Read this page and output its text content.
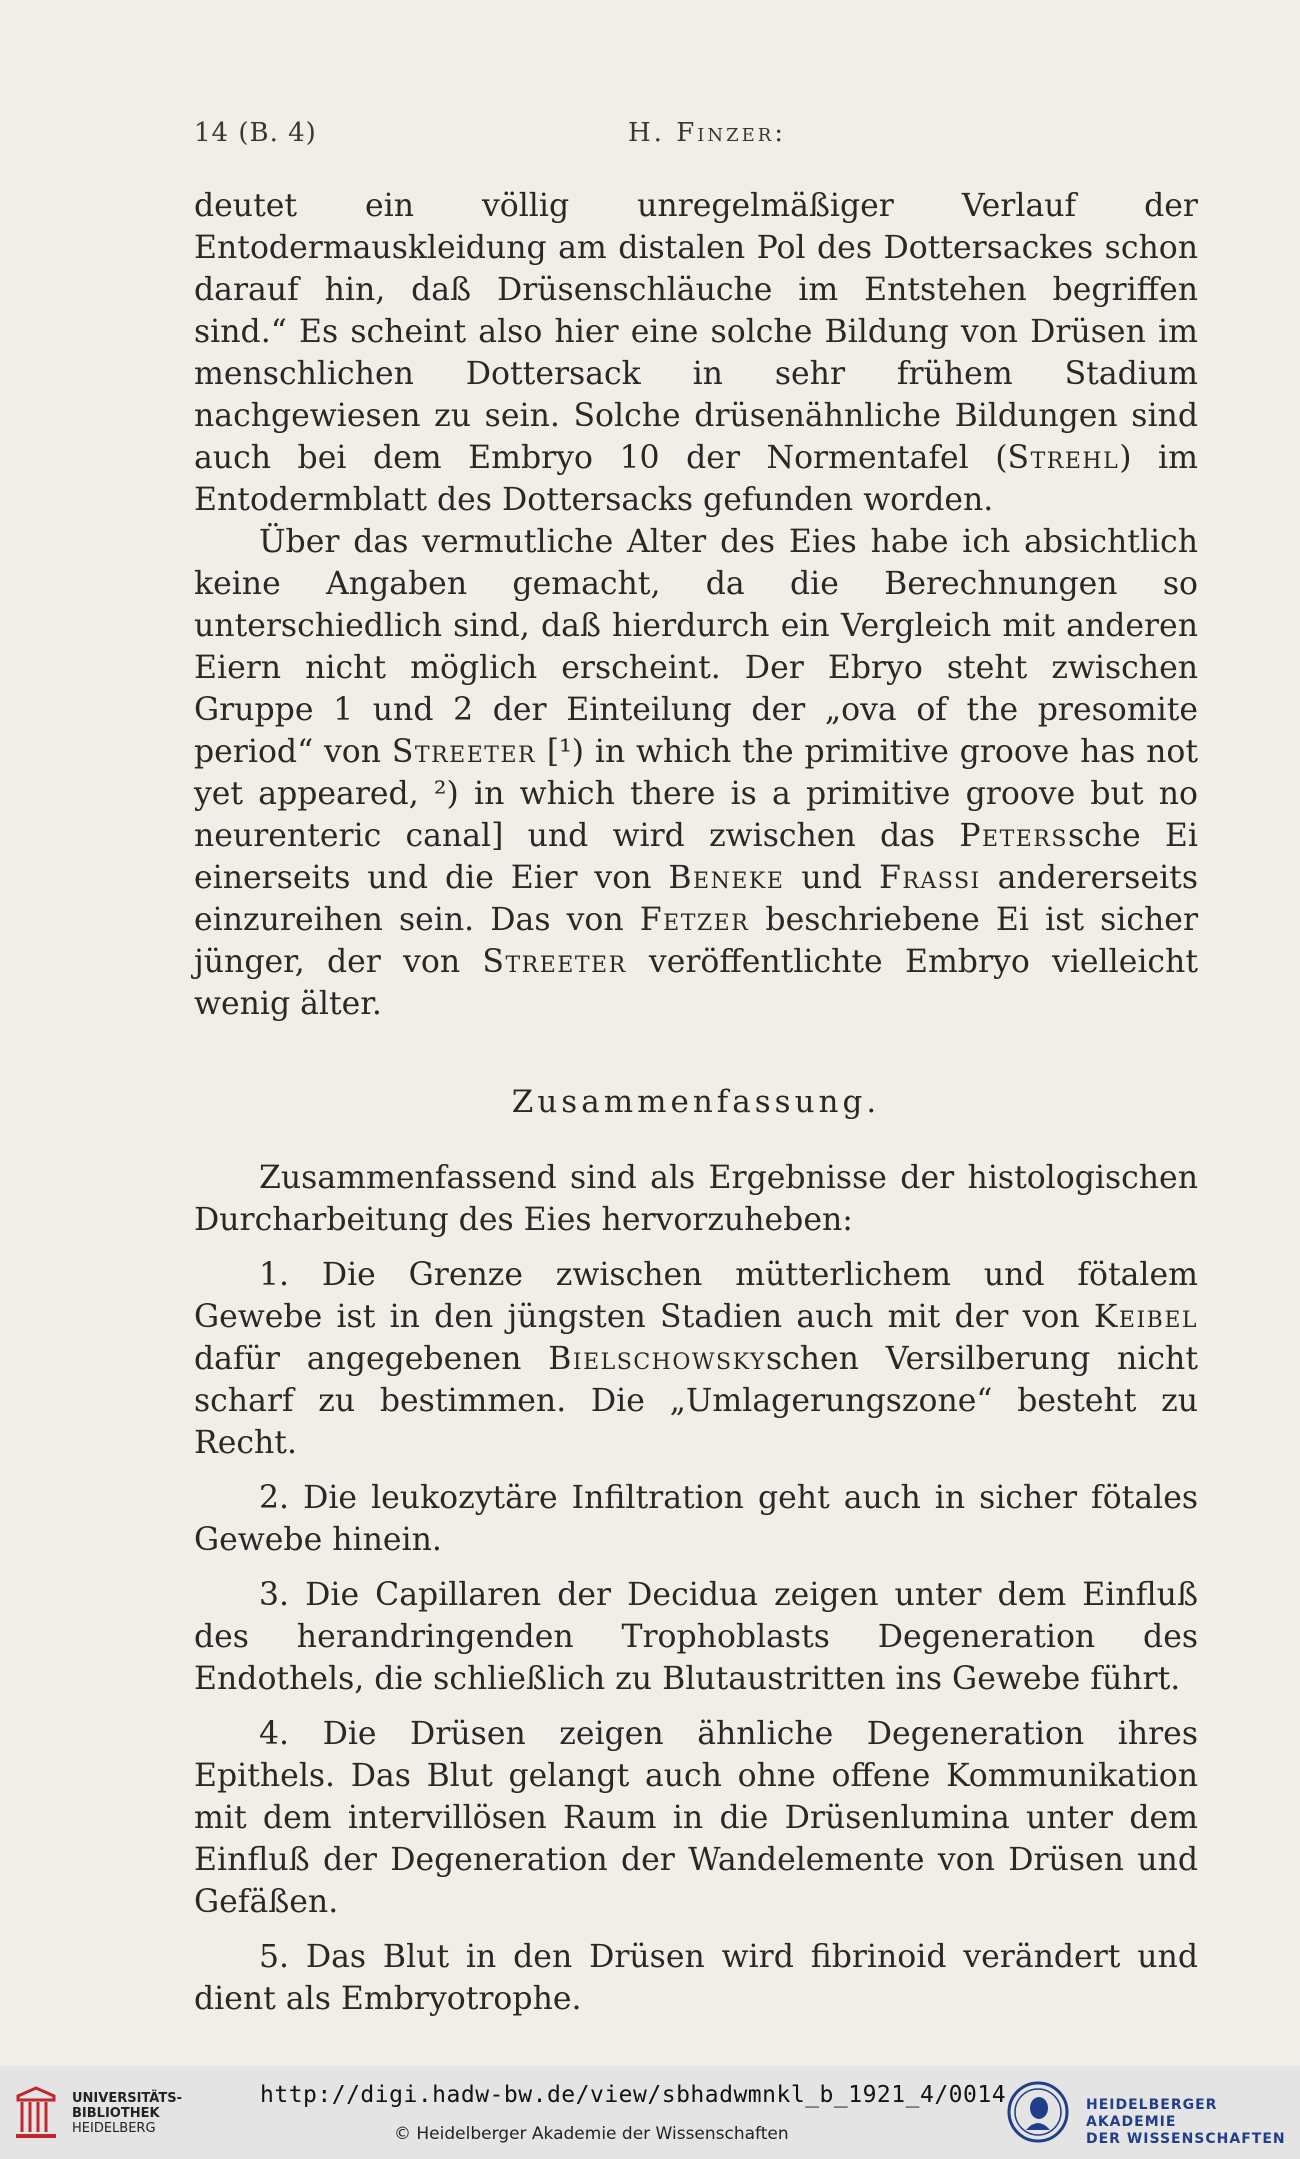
14 (B. 4)	H. Finzer:

deutet ein völlig unregelmäßiger Verlauf der Entodermauskleidung am distalen Pol des Dottersackes schon darauf hin, daß Drüsenschläuche im Entstehen begriffen sind.“ Es scheint also hier eine solche Bildung von Drüsen im menschlichen Dottersack in sehr frühem Stadium nachgewiesen zu sein. Solche drüsenähnliche Bildungen sind auch bei dem Embryo 10 der Normentafel (Strehl) im Entodermblatt des Dottersacks gefunden worden.

Über das vermutliche Alter des Eies habe ich absichtlich keine Angaben gemacht, da die Berechnungen so unterschiedlich sind, daß hierdurch ein Vergleich mit anderen Eiern nicht möglich erscheint. Der Ebryo steht zwischen Gruppe 1 und 2 der Einteilung der „ova of the presomite period“ von Streeter [¹) in which the primitive groove has not yet appeared, ²) in which there is a primitive groove but no neurenteric canal] und wird zwischen das Peterssche Ei einerseits und die Eier von Beneke und Frassi andererseits einzureihen sein. Das von Fetzer beschriebene Ei ist sicher jünger, der von Streeter veröffentlichte Embryo vielleicht wenig älter.

Zusammenfassung.

Zusammenfassend sind als Ergebnisse der histologischen Durcharbeitung des Eies hervorzuheben:

1. Die Grenze zwischen mütterlichem und fötalem Gewebe ist in den jüngsten Stadien auch mit der von Keibel dafür angegebenen Bielschowskyschen Versilberung nicht scharf zu bestimmen. Die „Umlagerungszone“ besteht zu Recht.

2. Die leukozytäre Infiltration geht auch in sicher fötales Gewebe hinein.

3. Die Capillaren der Decidua zeigen unter dem Einfluß des herandringenden Trophoblasts Degeneration des Endothels, die schließlich zu Blutaustritten ins Gewebe führt.

4. Die Drüsen zeigen ähnliche Degeneration ihres Epithels. Das Blut gelangt auch ohne offene Kommunikation mit dem intervillösen Raum in die Drüsenlumina unter dem Einfluß der Degeneration der Wandelemente von Drüsen und Gefäßen.

5. Das Blut in den Drüsen wird fibrinoid verändert und dient als Embryotrophe.

UNIVERSITÄTS-
BIBLIOTHEK
HEIDELBERG
http://digi.hadw-bw.de/view/sbhadwmnkl_b_1921_4/0014
© Heidelberger Akademie der Wissenschaften
HEIDELBERGER AKADEMIE
DER WISSENSCHAFTEN
